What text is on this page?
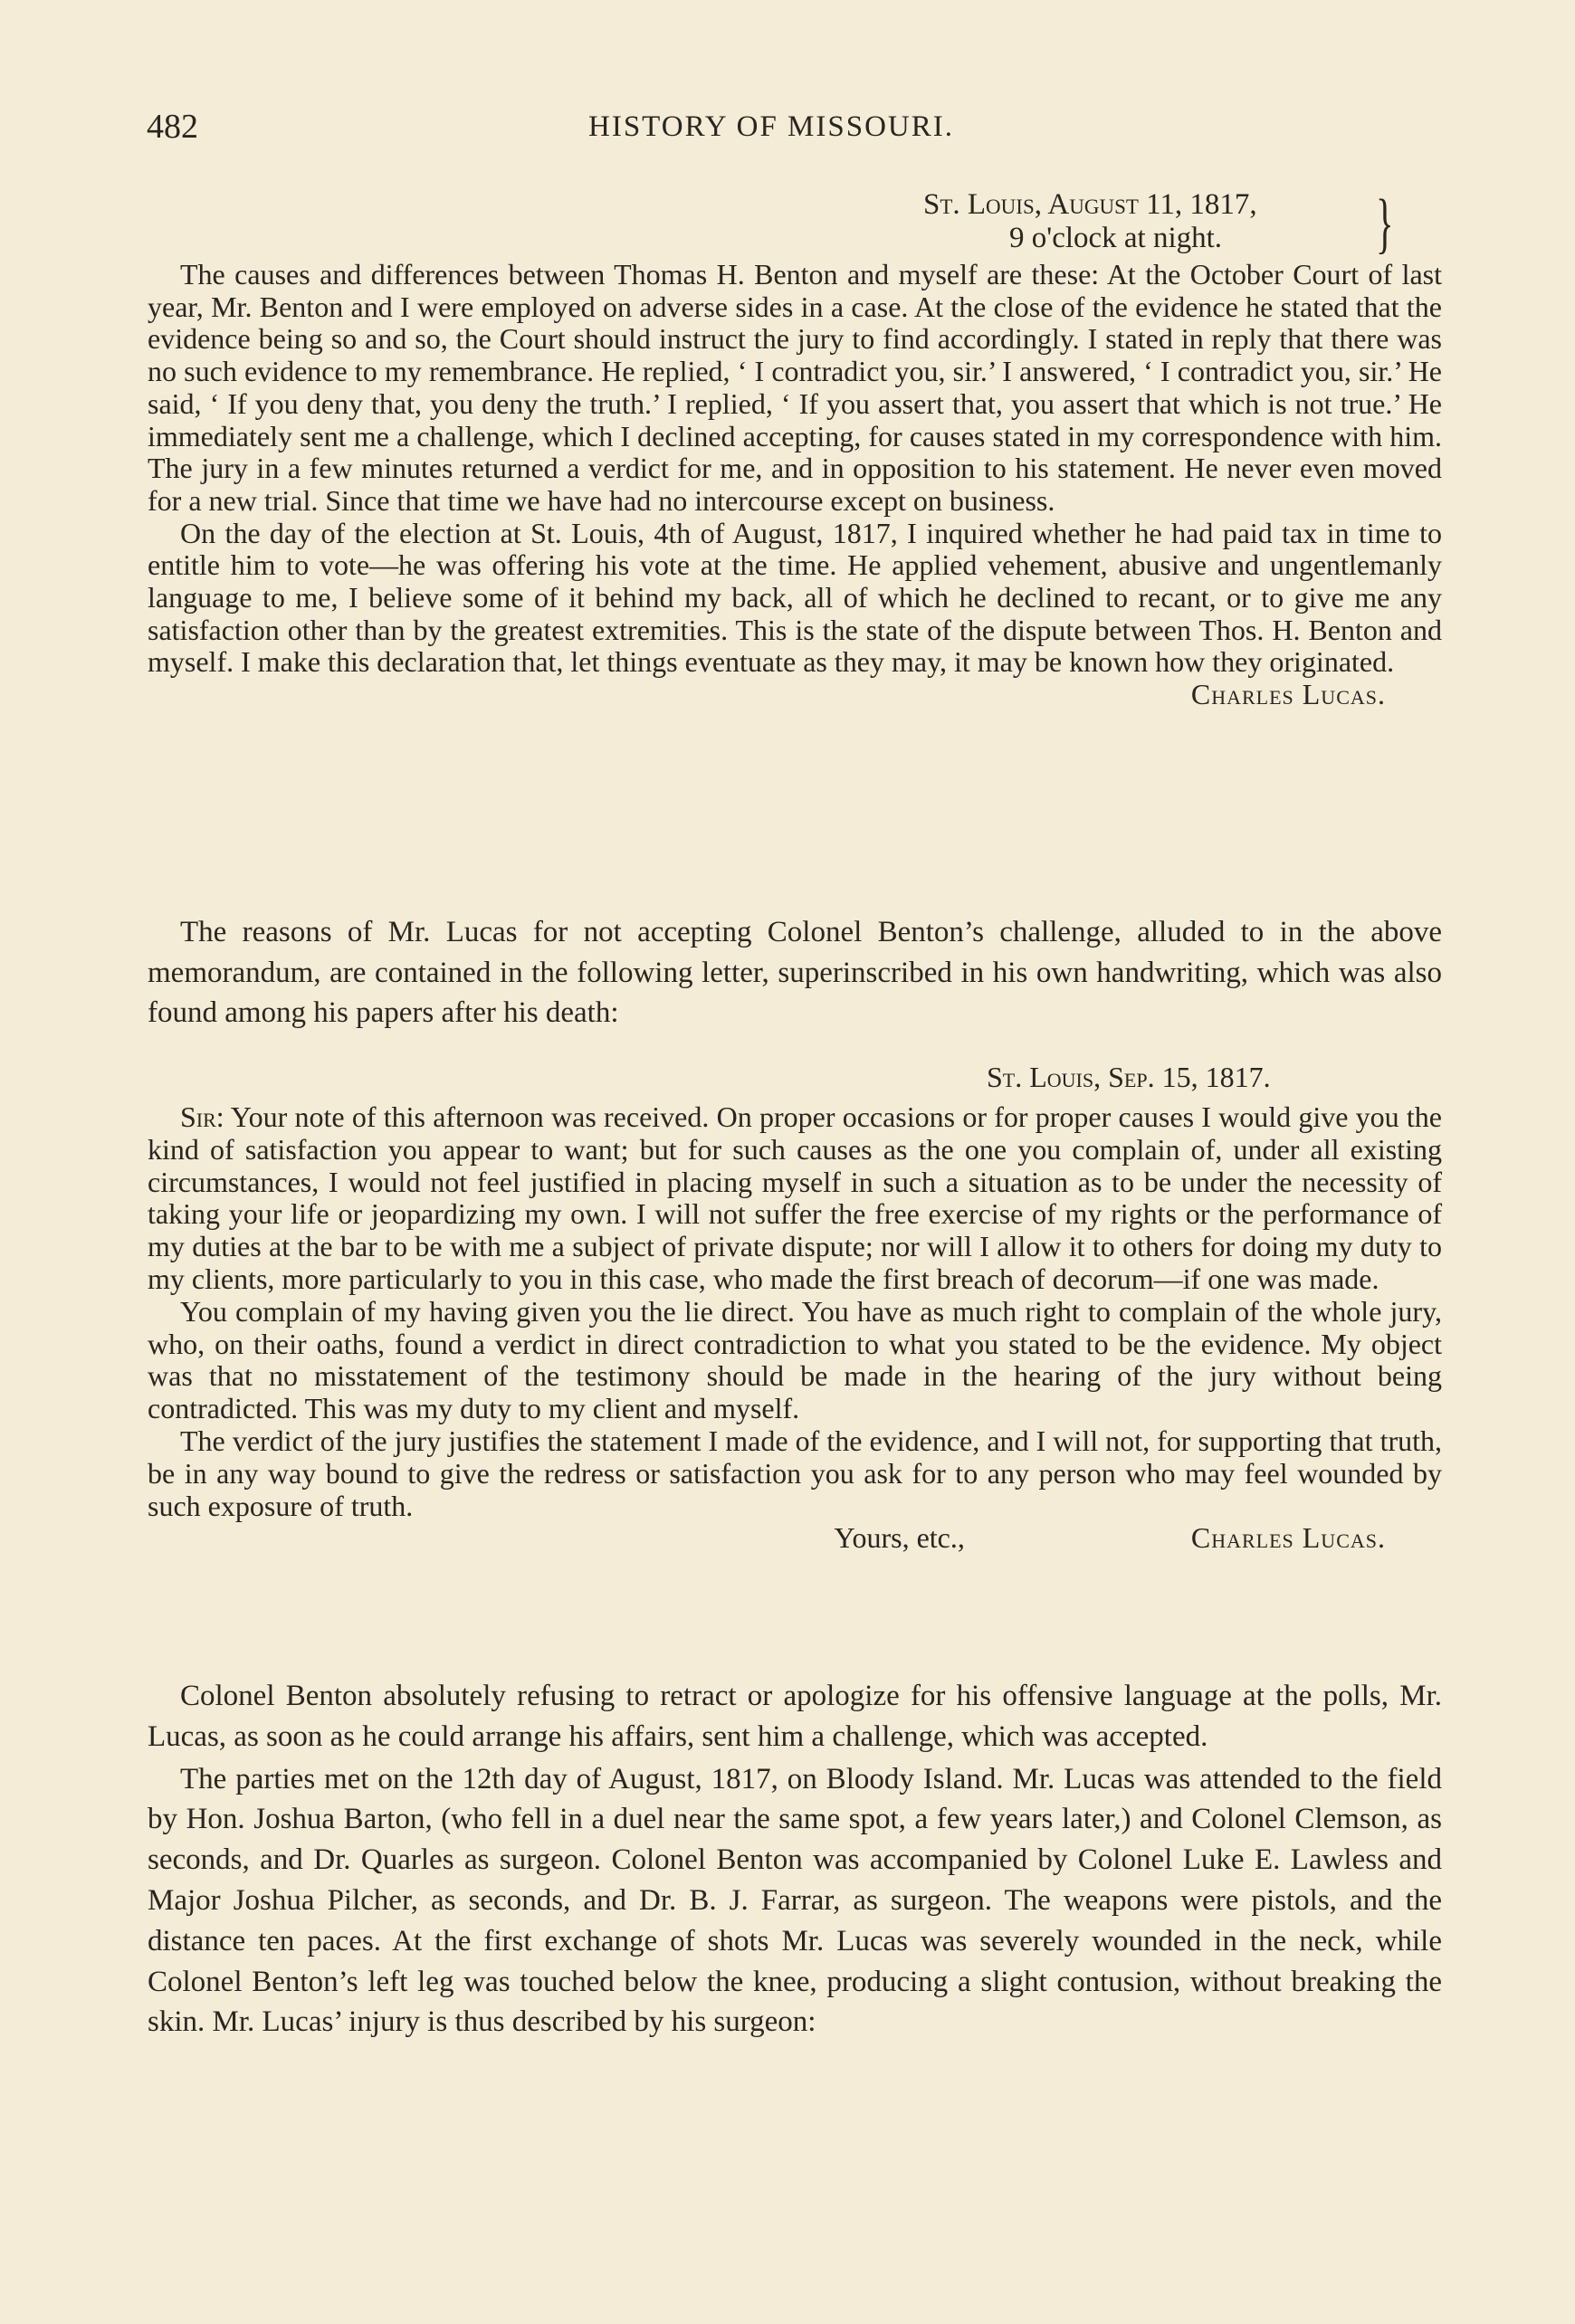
482	HISTORY OF MISSOURI.
St. Louis, August 11, 1817,
9 o'clock at night.	}

The causes and differences between Thomas H. Benton and myself are these: At the October Court of last year, Mr. Benton and I were employed on adverse sides in a case. At the close of the evidence he stated that the evidence being so and so, the Court should instruct the jury to find accordingly. I stated in reply that there was no such evidence to my remembrance. He replied, ‘ I contradict you, sir.’ I answered, ‘ I contradict you, sir.’ He said, ‘ If you deny that, you deny the truth.’ I replied, ‘ If you assert that, you assert that which is not true.’ He immediately sent me a challenge, which I declined accepting, for causes stated in my correspondence with him. The jury in a few minutes returned a verdict for me, and in opposition to his statement. He never even moved for a new trial. Since that time we have had no intercourse except on business.

On the day of the election at St. Louis, 4th of August, 1817, I inquired whether he had paid tax in time to entitle him to vote—he was offering his vote at the time. He applied vehement, abusive and ungentlemanly language to me, I believe some of it behind my back, all of which he declined to recant, or to give me any satisfaction other than by the greatest extremities. This is the state of the dispute between Thos. H. Benton and myself. I make this declaration that, let things eventuate as they may, it may be known how they originated.

Charles Lucas.

The reasons of Mr. Lucas for not accepting Colonel Benton’s challenge, alluded to in the above memorandum, are contained in the following letter, superinscribed in his own handwriting, which was also found among his papers after his death:

St. Louis, Sep. 15, 1817.

Sir: Your note of this afternoon was received. On proper occasions or for proper causes I would give you the kind of satisfaction you appear to want; but for such causes as the one you complain of, under all existing circumstances, I would not feel justified in placing myself in such a situation as to be under the necessity of taking your life or jeopardizing my own. I will not suffer the free exercise of my rights or the performance of my duties at the bar to be with me a subject of private dispute; nor will I allow it to others for doing my duty to my clients, more particularly to you in this case, who made the first breach of decorum—if one was made.

You complain of my having given you the lie direct. You have as much right to complain of the whole jury, who, on their oaths, found a verdict in direct contradiction to what you stated to be the evidence. My object was that no misstatement of the testimony should be made in the hearing of the jury without being contradicted. This was my duty to my client and myself.

The verdict of the jury justifies the statement I made of the evidence, and I will not, for supporting that truth, be in any way bound to give the redress or satisfaction you ask for to any person who may feel wounded by such exposure of truth.

Yours, etc.,	Charles Lucas.

Colonel Benton absolutely refusing to retract or apologize for his offensive language at the polls, Mr. Lucas, as soon as he could arrange his affairs, sent him a challenge, which was accepted.

The parties met on the 12th day of August, 1817, on Bloody Island. Mr. Lucas was attended to the field by Hon. Joshua Barton, (who fell in a duel near the same spot, a few years later,) and Colonel Clemson, as seconds, and Dr. Quarles as surgeon. Colonel Benton was accompanied by Colonel Luke E. Lawless and Major Joshua Pilcher, as seconds, and Dr. B. J. Farrar, as surgeon. The weapons were pistols, and the distance ten paces. At the first exchange of shots Mr. Lucas was severely wounded in the neck, while Colonel Benton’s left leg was touched below the knee, producing a slight contusion, without breaking the skin. Mr. Lucas’ injury is thus described by his surgeon:
